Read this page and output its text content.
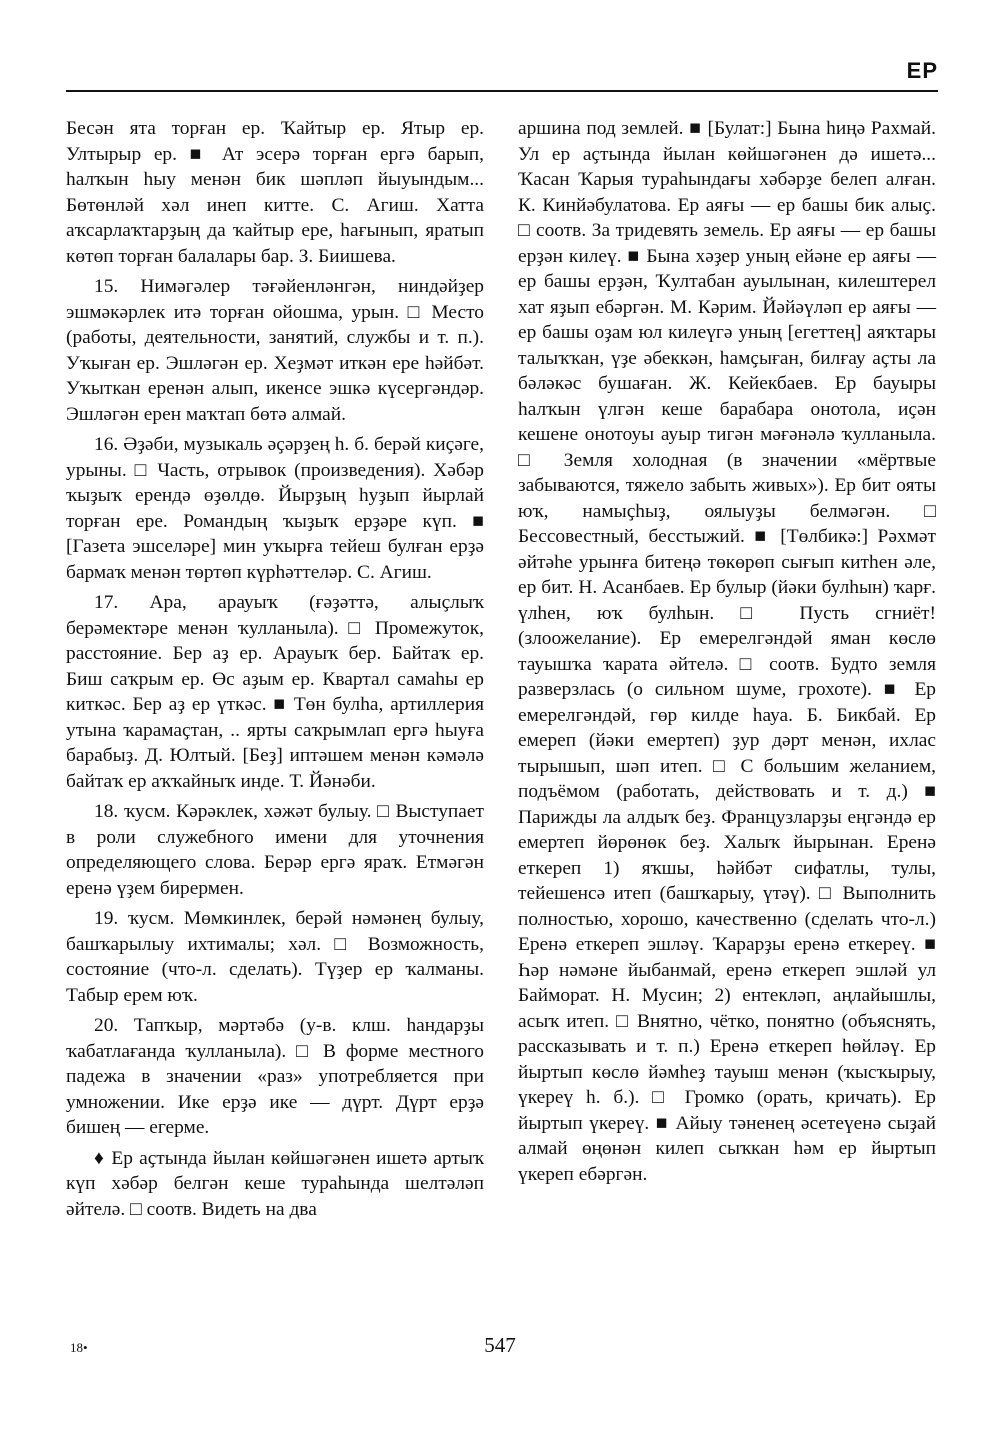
ЕР

Бесән ята торған ер. Ҡайтыр ер. Ятыр ер. Ултырыр ер. ■ Ат эсерә торған ергә барып, һалҡын һыу менән бик шәпләп йыуындым... Бөтөнләй хәл инеп китте. С. Агиш. Хатта аҡсарлаҡтарҙың да ҡайтыр ере, һағынып, яратып көтөп торған балалары бар. З. Биишева.

15. Нимәгәлер тәғәйенләнгән, ниндәйҙер эшмәкәрлек итә торған ойошма, урын. □ Место (работы, деятельности, занятий, службы и т. п.). Уҡыған ер. Эшләгән ер. Хеҙмәт иткән ере һәйбәт. Уҡыткан еренән алып, икенсе эшкә күсергәндәр. Эшләгән ерен маҡтап бөтә алмай.

16. Әҙәби, музыкаль әҫәрҙең һ. б. берәй киҫәге, урыны. □ Часть, отрывок (произведения). Хәбәр ҡыҙыҡ ерендә өҙөлдө. Йырҙың һуҙып йырлай торған ере. Романдың ҡыҙыҡ ерҙәре күп. ■ [Газета эшселәре] мин уҡырға тейеш булған ерҙә бармаҡ менән төртөп күрһәттеләр. С. Агиш.

17. Ара, арауыҡ (ғәҙәттә, алыҫлыҡ берәмектәре менән ҡулланыла). □ Промежуток, расстояние. Бер аҙ ер. Арауыҡ бер. Байтаҡ ер. Биш саҡрым ер. Өс аҙым ер. Квартал самаһы ер киткәс. Бер аҙ ер үткәс. ■ Төн булһа, артиллерия утына ҡарамаҫтан, .. ярты саҡрымлап ергә һыуға барабыҙ. Д. Юлтый. [Беҙ] иптәшем менән кәмәлә байтаҡ ер аҡҡайныҡ инде. Т. Йәнәби.

18. ҡусм. Кәрәклек, хәжәт булыу. □ Выступает в роли служебного имени для уточнения определяющего слова. Берәр ергә яраҡ. Етмәгән еренә үҙем бирермен.

19. ҡусм. Мөмкинлек, берәй нәмәнең булыу, башҡарылыу ихтималы; хәл. □ Возможность, состояние (что-л. сделать). Түҙер ер ҡалманы. Табыр ерем юҡ.

20. Тапҡыр, мәртәбә (у-в. клш. һандарҙы ҡабатлағанда ҡулланыла). □ В форме местного падежа в значении «раз» употребляется при умножении. Ике ерҙә ике — дүрт. Дүрт ерҙә бишең — егерме.

♦ Ер аҫтында йылан көйшәгәнен ишетә артыҡ күп хәбәр белгән кеше тураһында шелтәләп әйтелә. □ соотв. Видеть на два

аршина под землей. ■ [Булат:] Бына һиңә Рахмай. Ул ер аҫтында йылан көйшәгәнен дә ишетә... Ҡасан Ҡарыя тураһындағы хәбәрҙе белеп алған. К. Кинйәбулатова. Ер аяғы — ер башы бик алыҫ. □ соотв. За тридевять земель. Ер аяғы — ер башы ерҙән килеү. ■ Бына хәҙер уның ейәне ер аяғы — ер башы ерҙән, Ҡултабан ауылынан, килештерел хат яҙып ебәргән. М. Кәрим. Йәйәүләп ер аяғы — ер башы оҙам юл килеүгә уның [егеттең] аяҡтары талыҡҡан, үҙе әбеккән, һамҫыған, билғау аҫты ла бәләкәс бушаған. Ж. Кейекбаев. Ер бауыры һалҡын үлгән кеше барабара онотола, иҫән кешене онотоуы ауыр тигән мәғәнәлә ҡулланыла. □ Земля холодная (в значении «мёртвые забываются, тяжело забыть живых»). Ер бит ояты юҡ, намыҫһыҙ, оялыуҙы белмәгән. □ Бессовестный, бесстыжий. ■ [Төлбикә:] Рәхмәт әйтәһе урынға битеңә төкөрөп сығып китһен әле, ер бит. Н. Асанбаев. Ер булыр (йәки булһын) ҡарғ. үлһен, юҡ булһын. □ Пусть сгниёт! (злоожелание). Ер емерелгәндәй яман көслө тауышҡа ҡарата әйтелә. □ соотв. Будто земля разверзлась (о сильном шуме, грохоте). ■ Ер емерелгәндәй, гөр килде һауа. Б. Бикбай. Ер емереп (йәки емертеп) ҙур дәрт менән, ихлас тырышып, шәп итеп. □ С большим желанием, подъёмом (работать, действовать и т. д.) ■ Парижды ла алдыҡ беҙ. Французларҙы еңгәндә ер емертеп йөрөнөк беҙ. Халыҡ йырынан. Еренә еткереп 1) яҡшы, һәйбәт сифатлы, тулы, тейешенсә итеп (башҡарыу, үтәү). □ Выполнить полностью, хорошо, качественно (сделать что-л.) Еренә еткереп эшләү. Ҡарарҙы еренә еткереү. ■ Һәр нәмәне йыбанмай, еренә еткереп эшләй ул Байморат. Н. Мусин; 2) ентекләп, аңлайышлы, асыҡ итеп. □ Внятно, чётко, понятно (объяснять, рассказывать и т. п.) Еренә еткереп һөйләү. Ер йыртып көслө йәмһеҙ тауыш менән (ҡысҡырыу, үкереү һ. б.). □ Громко (орать, кричать). Ер йыртып үкереү. ■ Айыу тәненең әсетеүенә сыҙай алмай өңөнән килеп сыҡкан һәм ер йыртып үкереп ебәргән.

18•	547
